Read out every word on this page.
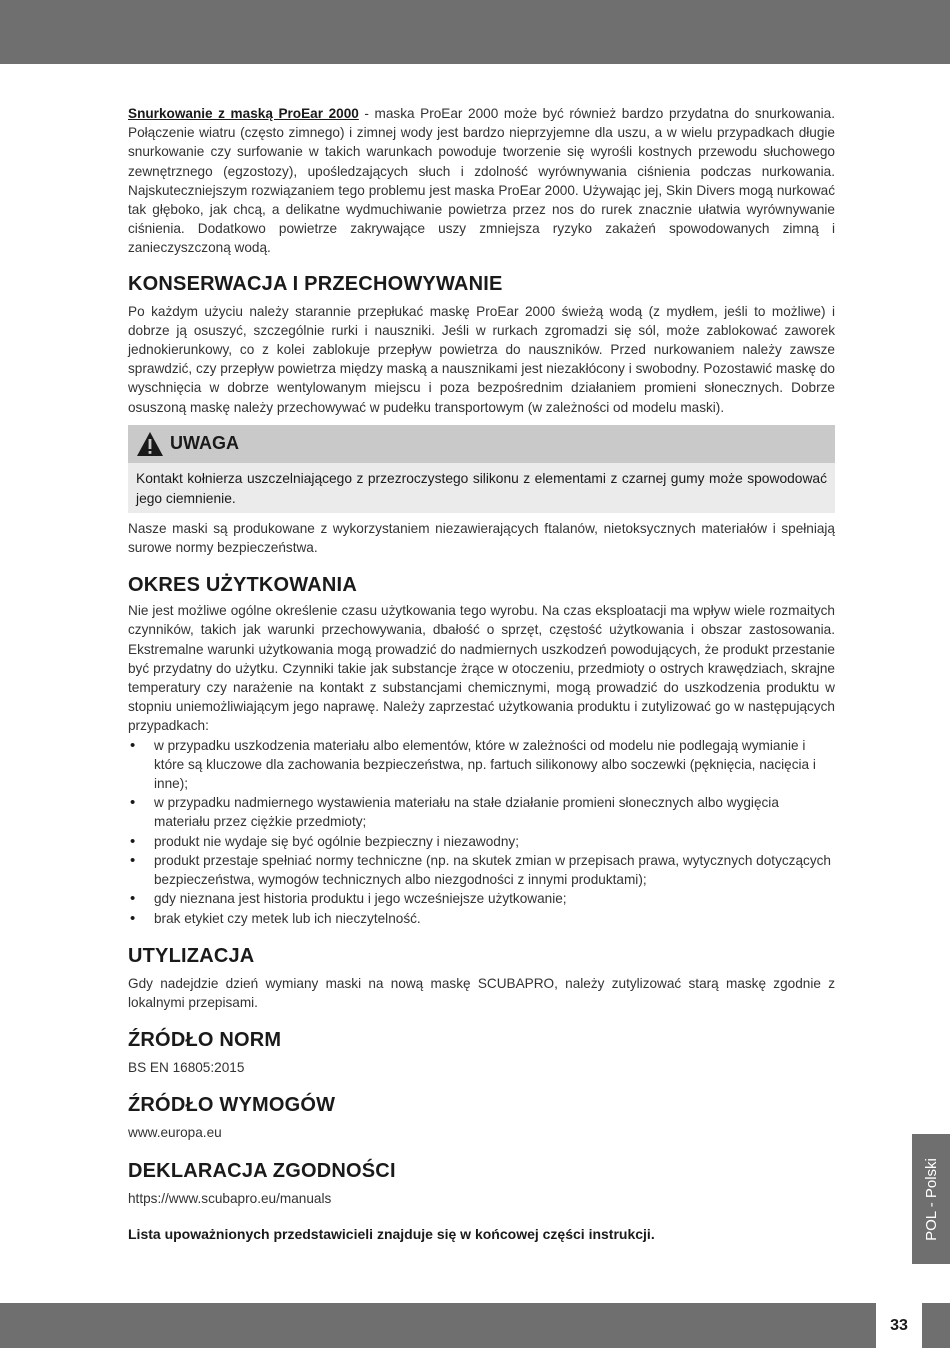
Snurkowanie z maską ProEar 2000 - maska ProEar 2000 może być również bardzo przydatna do snurkowania. Połączenie wiatru (często zimnego) i zimnej wody jest bardzo nieprzyjemne dla uszu, a w wielu przypadkach długie snurkowanie czy surfowanie w takich warunkach powoduje tworzenie się wyrośli kostnych przewodu słuchowego zewnętrznego (egzostozy), upośledzających słuch i zdolność wyrównywania ciśnienia podczas nurkowania. Najskuteczniejszym rozwiązaniem tego problemu jest maska ProEar 2000. Używając jej, Skin Divers mogą nurkować tak głęboko, jak chcą, a delikatne wydmuchiwanie powietrza przez nos do rurek znacznie ułatwia wyrównywanie ciśnienia. Dodatkowo powietrze zakrywające uszy zmniejsza ryzyko zakażeń spowodowanych zimną i zanieczyszczoną wodą.

KONSERWACJA I PRZECHOWYWANIE

Po każdym użyciu należy starannie przepłukać maskę ProEar 2000 świeżą wodą (z mydłem, jeśli to możliwe) i dobrze ją osuszyć, szczególnie rurki i nauszniki. Jeśli w rurkach zgromadzi się sól, może zablokować zaworek jednokierunkowy, co z kolei zablokuje przepływ powietrza do nauszników. Przed nurkowaniem należy zawsze sprawdzić, czy przepływ powietrza między maską a nausznikami jest niezakłócony i swobodny. Pozostawić maskę do wyschnięcia w dobrze wentylowanym miejscu i poza bezpośrednim działaniem promieni słonecznych. Dobrze osuszoną maskę należy przechowywać w pudełku transportowym (w zależności od modelu maski).

UWAGA
Kontakt kołnierza uszczelniającego z przezroczystego silikonu z elementami z czarnej gumy może spowodować jego ciemnienie.

Nasze maski są produkowane z wykorzystaniem niezawierających ftalanów, nietoksycznych materiałów i spełniają surowe normy bezpieczeństwa.

OKRES UŻYTKOWANIA

Nie jest możliwe ogólne określenie czasu użytkowania tego wyrobu. Na czas eksploatacji ma wpływ wiele rozmaitych czynników, takich jak warunki przechowywania, dbałość o sprzęt, częstość użytkowania i obszar zastosowania. Ekstremalne warunki użytkowania mogą prowadzić do nadmiernych uszkodzeń powodujących, że produkt przestanie być przydatny do użytku. Czynniki takie jak substancje żrące w otoczeniu, przedmioty o ostrych krawędziach, skrajne temperatury czy narażenie na kontakt z substancjami chemicznymi, mogą prowadzić do uszkodzenia produktu w stopniu uniemożliwiającym jego naprawę. Należy zaprzestać użytkowania produktu i zutylizować go w następujących przypadkach:

• w przypadku uszkodzenia materiału albo elementów, które w zależności od modelu nie podlegają wymianie i które są kluczowe dla zachowania bezpieczeństwa, np. fartuch silikonowy albo soczewki (pęknięcia, nacięcia i inne);
• w przypadku nadmiernego wystawienia materiału na stałe działanie promieni słonecznych albo wygięcia materiału przez ciężkie przedmioty;
• produkt nie wydaje się być ogólnie bezpieczny i niezawodny;
• produkt przestaje spełniać normy techniczne (np. na skutek zmian w przepisach prawa, wytycznych dotyczących bezpieczeństwa, wymogów technicznych albo niezgodności z innymi produktami);
• gdy nieznana jest historia produktu i jego wcześniejsze użytkowanie;
• brak etykiet czy metek lub ich nieczytelność.
UTYLIZACJA

Gdy nadejdzie dzień wymiany maski na nową maskę SCUBAPRO, należy zutylizować starą maskę zgodnie z lokalnymi przepisami.

ŹRÓDŁO NORM

BS EN 16805:2015

ŹRÓDŁO WYMOGÓW

www.europa.eu

DEKLARACJA ZGODNOŚCI

https://www.scubapro.eu/manuals

Lista upoważnionych przedstawicieli znajduje się w końcowej części instrukcji.	POL - Polski
33
